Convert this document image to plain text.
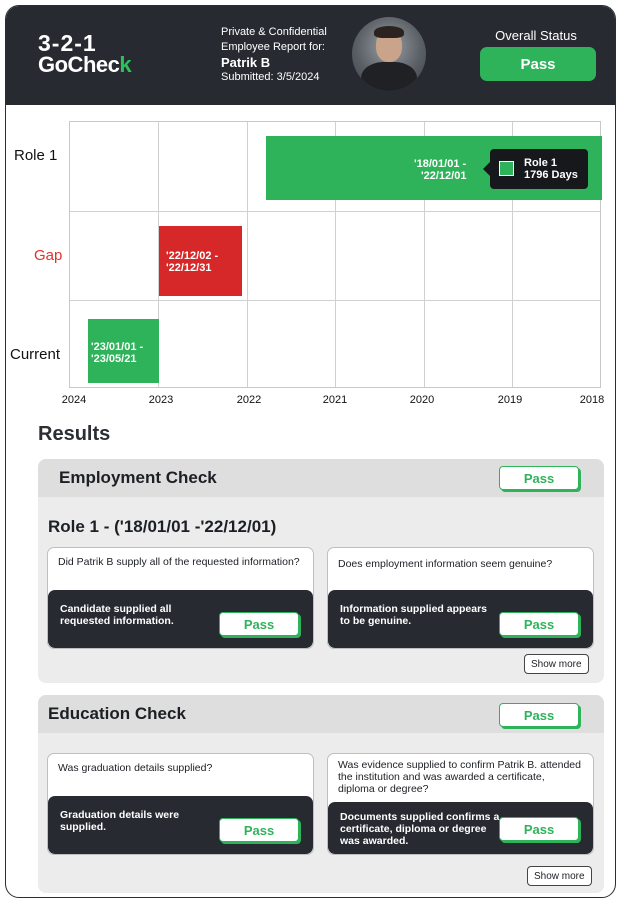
3-2-1
GoCheck
Private & Confidential
Employee Report for:
Patrik B
Submitted: 3/5/2024
Overall Status
Pass
Role 1
Gap
Current
'18/01/01 -
'22/12/01
'22/12/02 -
'22/12/31
'23/01/01 -
'23/05/21
Role 1
1796 Days
2024	2023	2022	2021	2020	2019	2018
Results
Employment Check	Pass
Role 1 - ('18/01/01 -'22/12/01)
Did Patrik B supply all of the requested information?
Candidate supplied all requested information.	Pass
Does employment information seem genuine?
Information supplied appears to be genuine.	Pass
Show more
Education Check	Pass
Was graduation details supplied?
Graduation details were supplied.	Pass
Was evidence supplied to confirm Patrik B. attended the institution and was awarded a certificate, diploma or degree?
Documents supplied confirms a certificate, diploma or degree was awarded.
Pass
Show more
